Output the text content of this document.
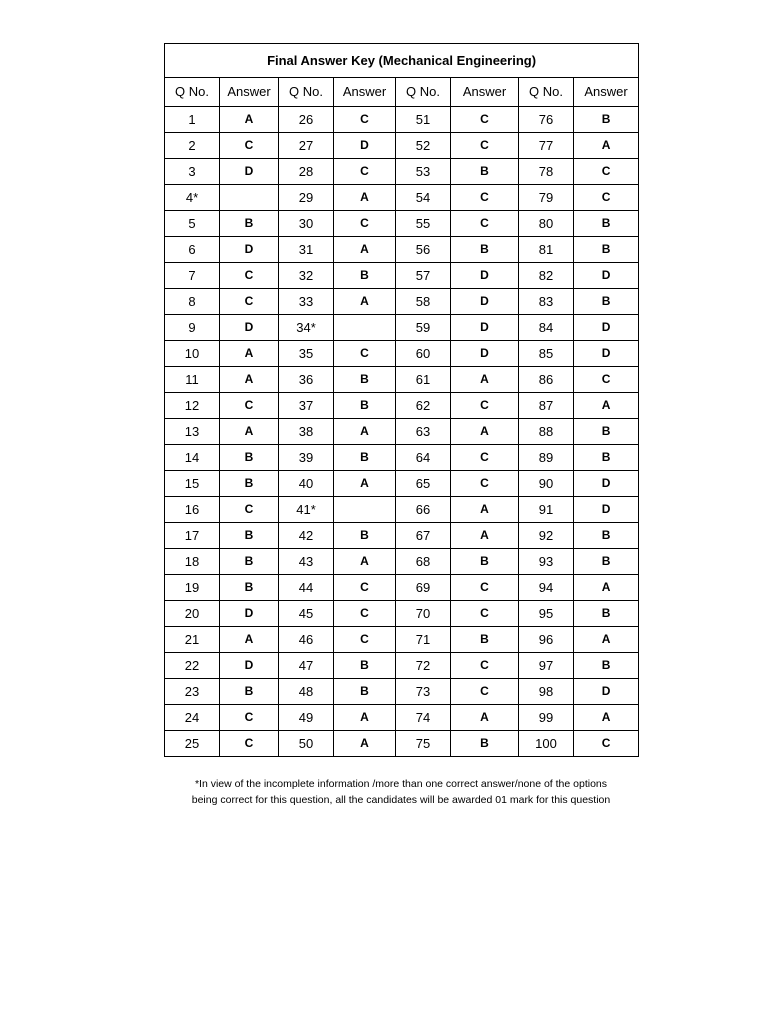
Final Answer Key (Mechanical Engineering)							
Q No.	Answer	Q No.	Answer	Q No.	Answer	Q No.	Answer
1	A	26	C	51	C	76	B
2	C	27	D	52	C	77	A
3	D	28	C	53	B	78	C
4*		29	A	54	C	79	C
5	B	30	C	55	C	80	B
6	D	31	A	56	B	81	B
7	C	32	B	57	D	82	D
8	C	33	A	58	D	83	B
9	D	34*		59	D	84	D
10	A	35	C	60	D	85	D
11	A	36	B	61	A	86	C
12	C	37	B	62	C	87	A
13	A	38	A	63	A	88	B
14	B	39	B	64	C	89	B
15	B	40	A	65	C	90	D
16	C	41*		66	A	91	D
17	B	42	B	67	A	92	B
18	B	43	A	68	B	93	B
19	B	44	C	69	C	94	A
20	D	45	C	70	C	95	B
21	A	46	C	71	B	96	A
22	D	47	B	72	C	97	B
23	B	48	B	73	C	98	D
24	C	49	A	74	A	99	A
25	C	50	A	75	B	100	C
*In view of the incomplete information /more than one correct answer/none of the options
being correct for this question, all the candidates will be awarded 01 mark for this question
